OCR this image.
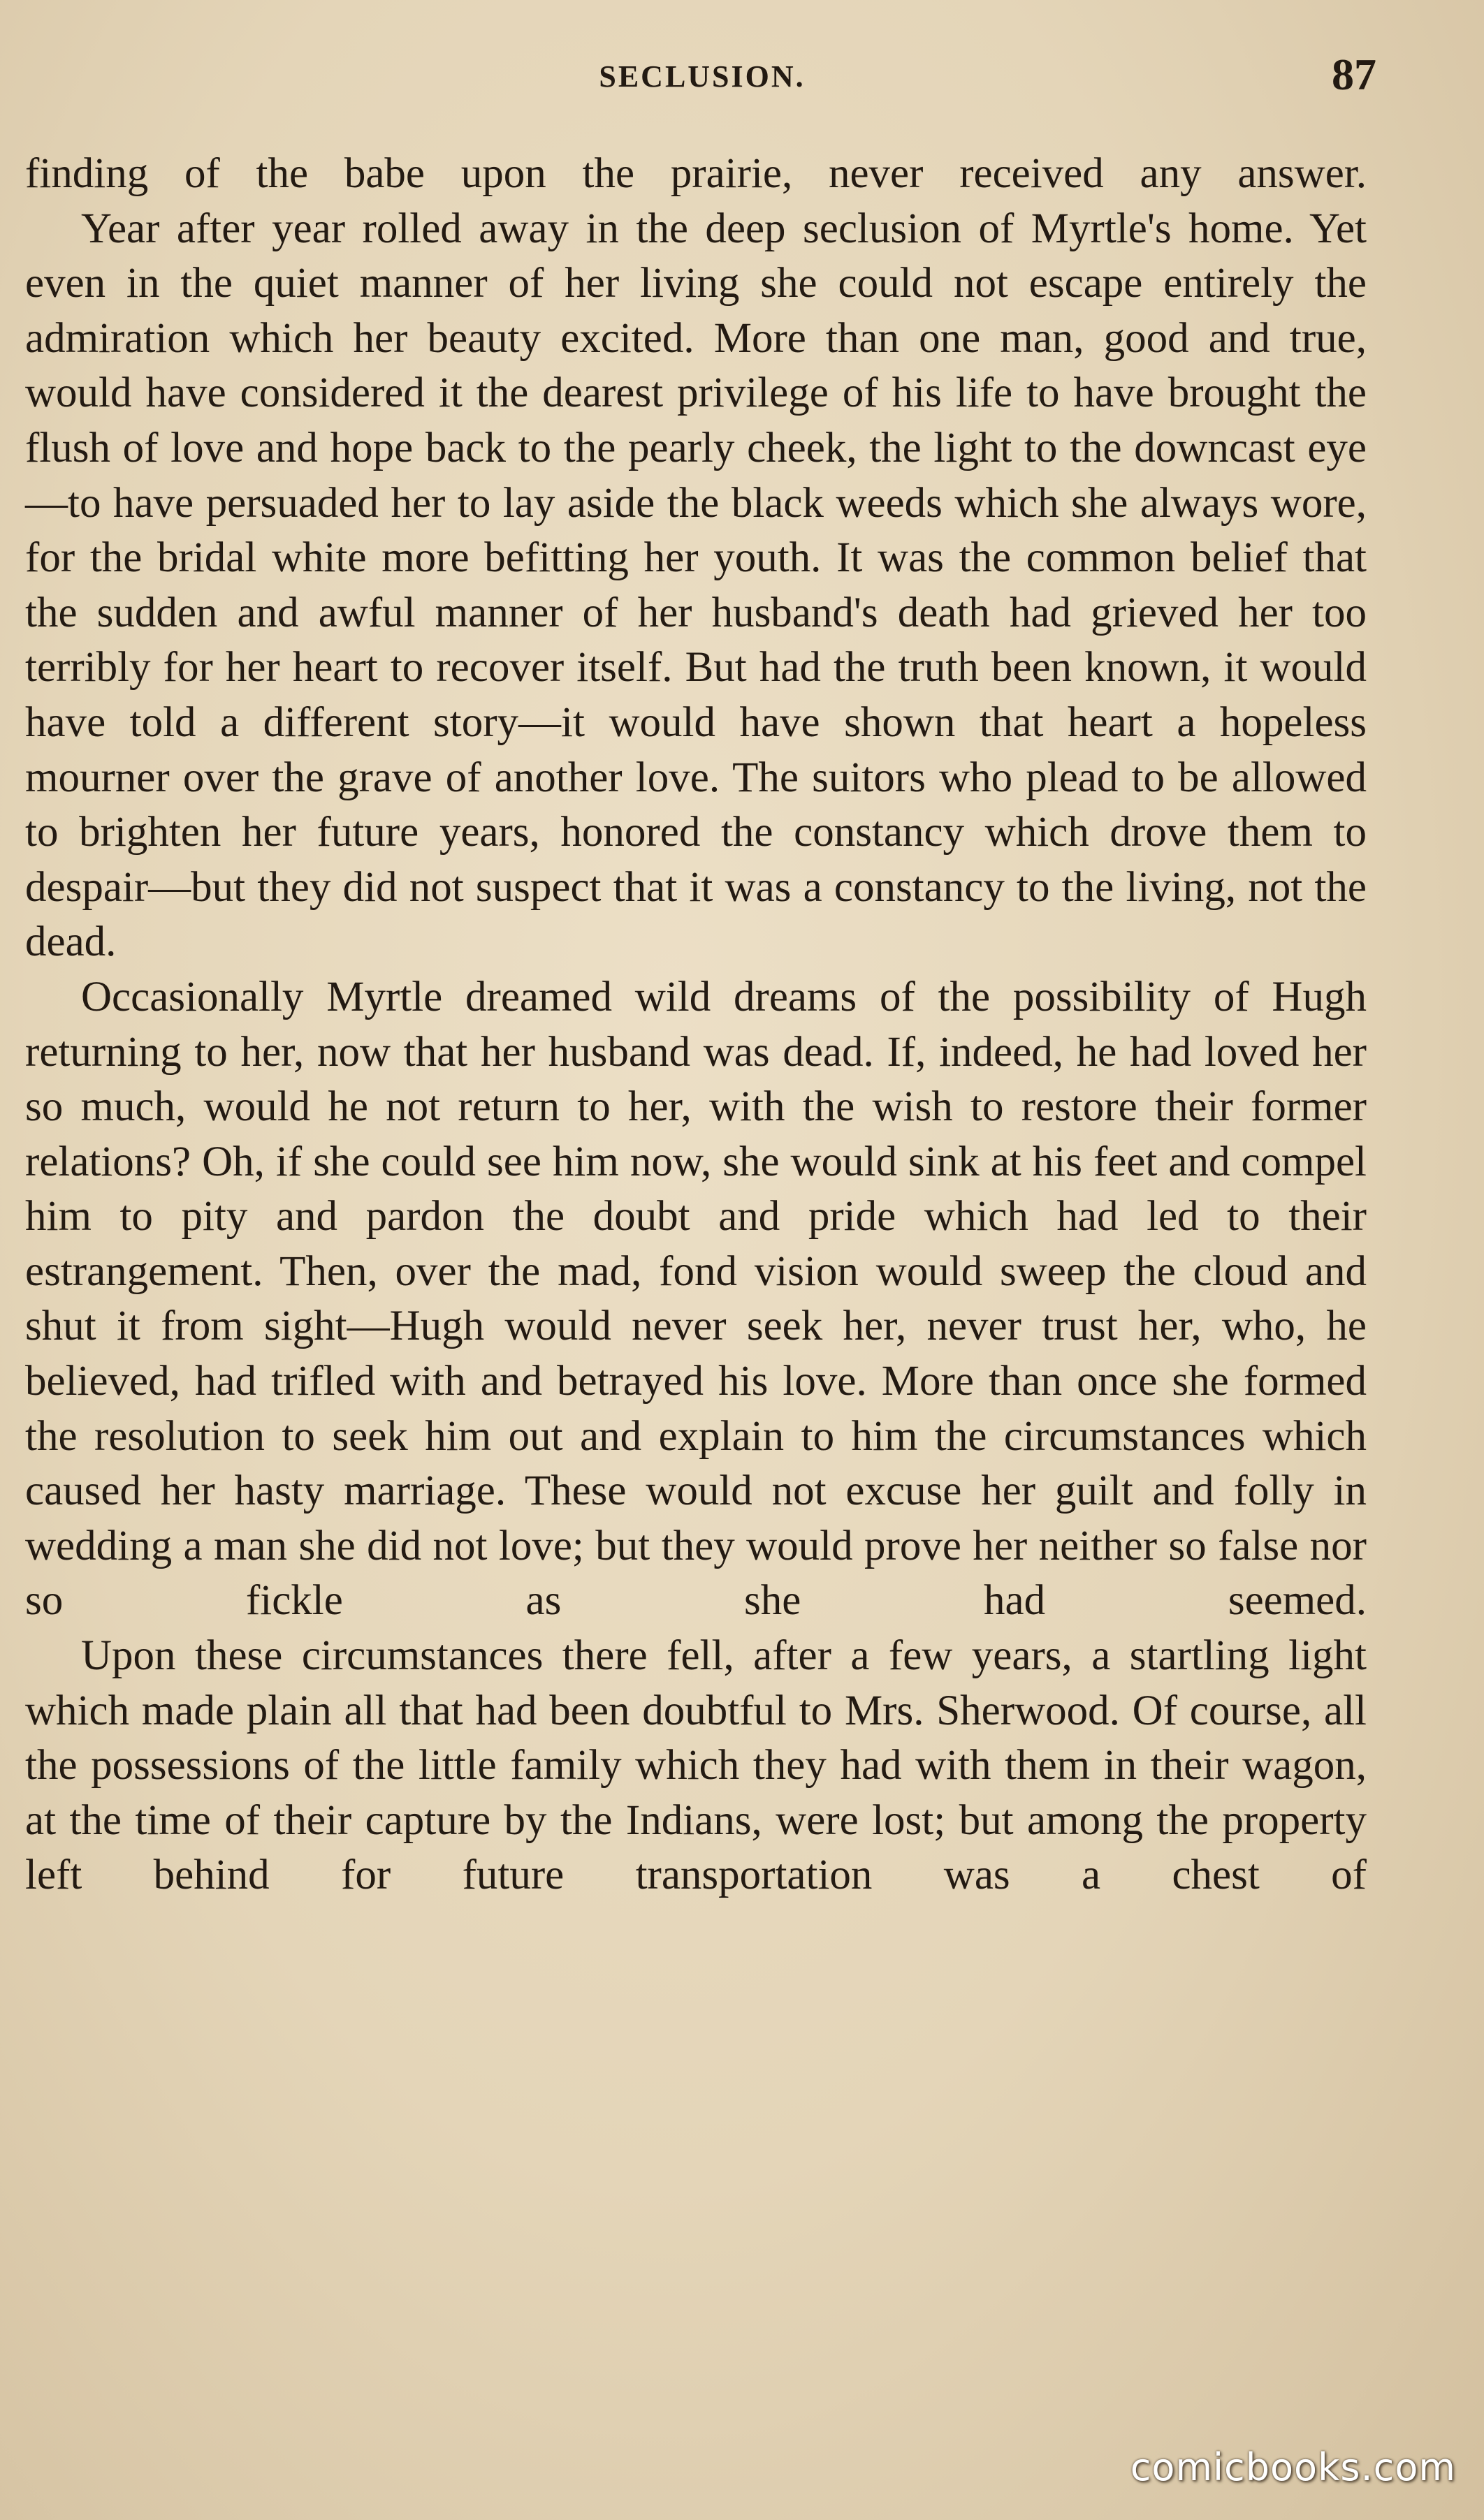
SECLUSION.	87

finding of the babe upon the prairie, never received any answer.

Year after year rolled away in the deep seclusion of Myrtle's home. Yet even in the quiet manner of her living she could not escape entirely the admiration which her beauty excited. More than one man, good and true, would have considered it the dearest privilege of his life to have brought the flush of love and hope back to the pearly cheek, the light to the downcast eye—to have persuaded her to lay aside the black weeds which she always wore, for the bridal white more befitting her youth. It was the common belief that the sudden and awful manner of her husband's death had grieved her too terribly for her heart to recover itself. But had the truth been known, it would have told a different story—it would have shown that heart a hopeless mourner over the grave of another love. The suitors who plead to be allowed to brighten her future years, honored the constancy which drove them to despair—but they did not suspect that it was a constancy to the living, not the dead.

Occasionally Myrtle dreamed wild dreams of the possibility of Hugh returning to her, now that her husband was dead. If, indeed, he had loved her so much, would he not return to her, with the wish to restore their former relations? Oh, if she could see him now, she would sink at his feet and compel him to pity and pardon the doubt and pride which had led to their estrangement. Then, over the mad, fond vision would sweep the cloud and shut it from sight—Hugh would never seek her, never trust her, who, he believed, had trifled with and betrayed his love. More than once she formed the resolution to seek him out and explain to him the circumstances which caused her hasty marriage. These would not excuse her guilt and folly in wedding a man she did not love; but they would prove her neither so false nor so fickle as she had seemed.

Upon these circumstances there fell, after a few years, a startling light which made plain all that had been doubtful to Mrs. Sherwood. Of course, all the possessions of the little family which they had with them in their wagon, at the time of their capture by the Indians, were lost; but among the property left behind for future transportation was a chest of

comicbooks.com
